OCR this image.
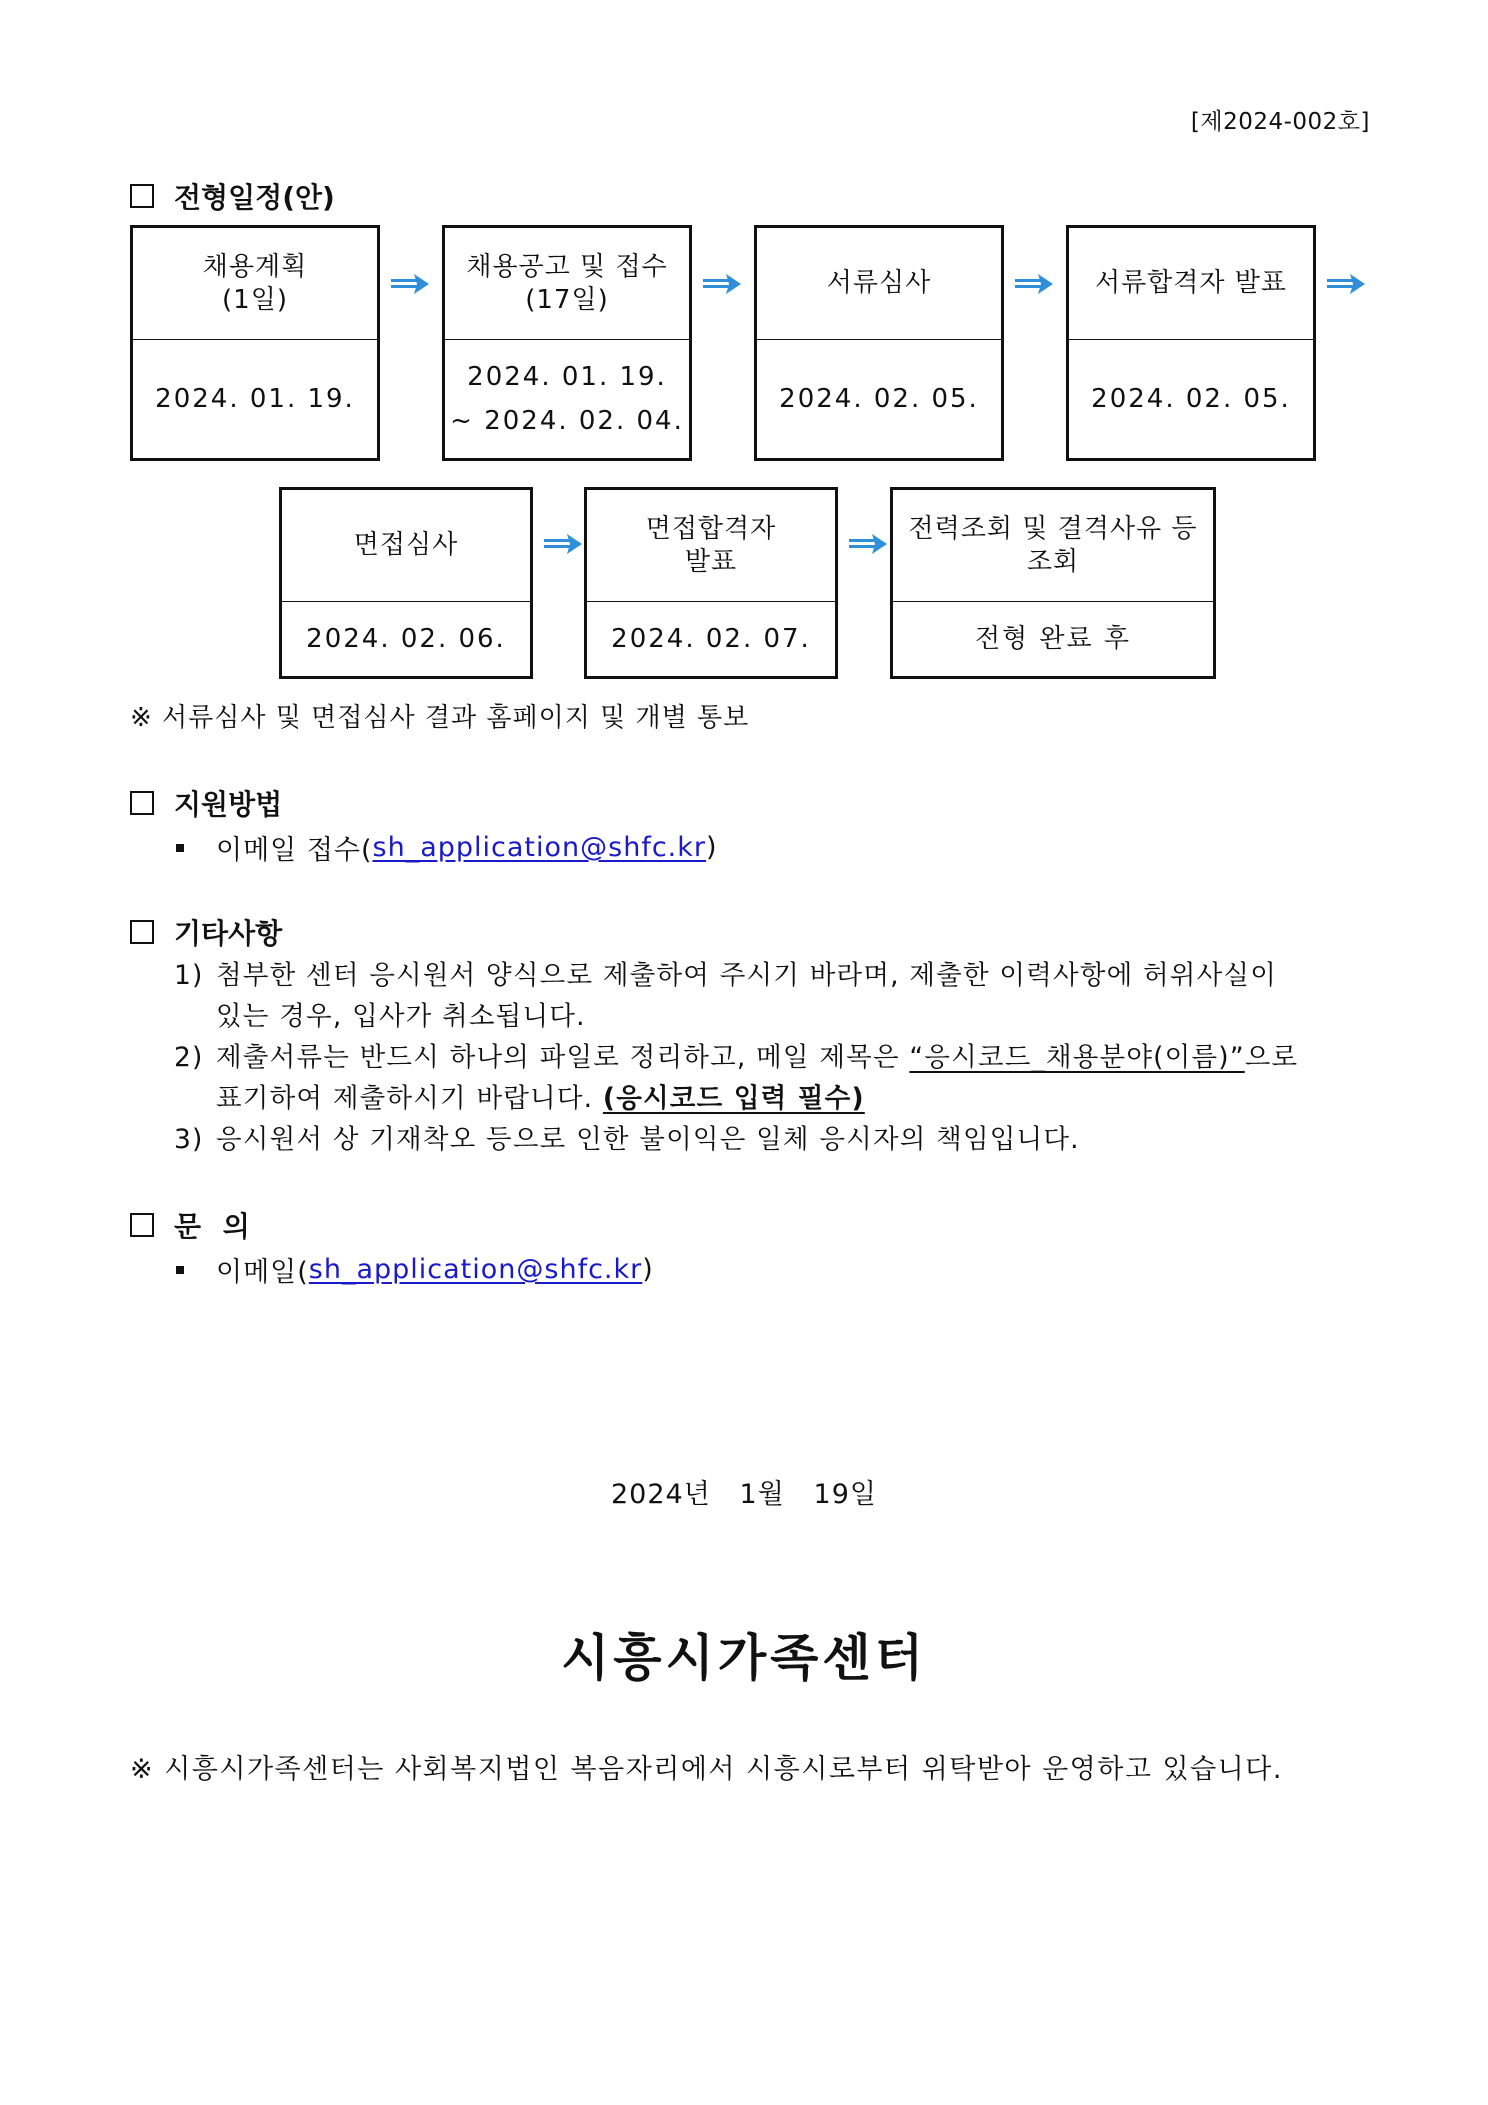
[제2024-002호]
전형일정(안)
채용계획
(1일)
2024. 01. 19.
채용공고 및 접수
(17일)
2024. 01. 19.
~ 2024. 02. 04.
서류심사
2024. 02. 05.
서류합격자 발표
2024. 02. 05.
면접심사
2024. 02. 06.
면접합격자
발표
2024. 02. 07.
전력조회 및 결격사유 등
조회
전형 완료 후
※ 서류심사 및 면접심사 결과 홈페이지 및 개별 통보
지원방법
이메일 접수( sh_application@shfc.kr )
기타사항
1) 첨부한 센터 응시원서 양식으로 제출하여 주시기 바라며, 제출한 이력사항에 허위사실이
있는 경우, 입사가 취소됩니다.
2) 제출서류는 반드시 하나의 파일로 정리하고, 메일 제목은 “응시코드_채용분야(이름)”으로
표기하여 제출하시기 바랍니다. (응시코드 입력 필수)
3) 응시원서 상 기재착오 등으로 인한 불이익은 일체 응시자의 책임입니다.
문 의
이메일( sh_application@shfc.kr )
2024년   1월   19일
시흥시가족센터
※ 시흥시가족센터는 사회복지법인 복음자리에서 시흥시로부터 위탁받아 운영하고 있습니다.
